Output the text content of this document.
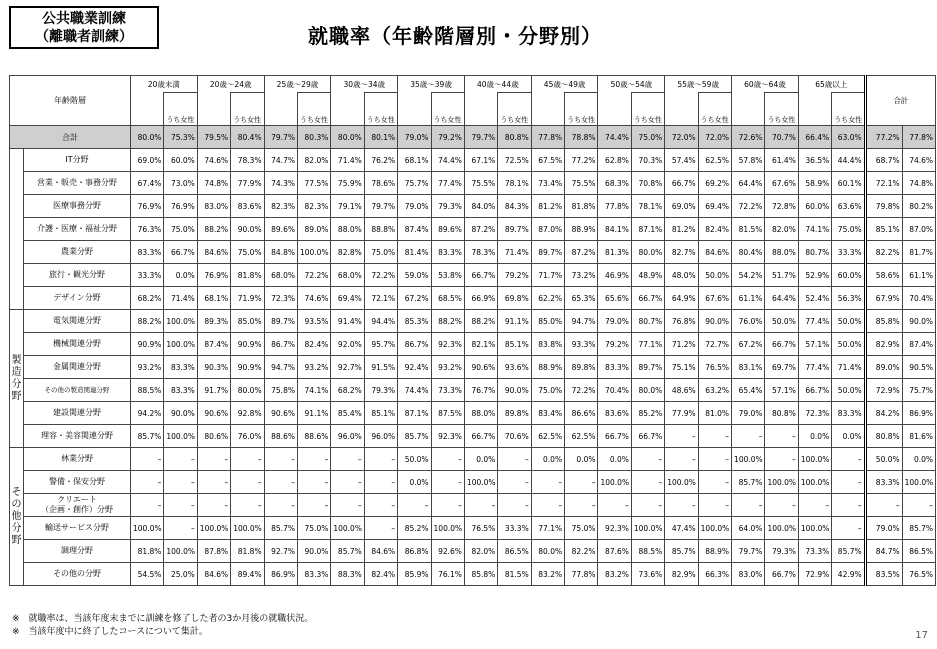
公共職業訓練
（離職者訓練）	就職率（年齢階層別・分野別）
年齢階層		20歳未満		20歳～24歳		25歳～29歳		30歳～34歳		35歳～39歳		40歳～44歳		45歳～49歳		50歳～54歳		55歳～59歳		60歳～64歳		65歳以上		合計	
			うち女性		うち女性		うち女性		うち女性		うち女性		うち女性		うち女性		うち女性		うち女性		うち女性		うち女性		
合計		80.0%	75.3%	79.5%	80.4%	79.7%	80.3%	80.0%	80.1%	79.0%	79.2%	79.7%	80.8%	77.8%	78.8%	74.4%	75.0%	72.0%	72.0%	72.6%	70.7%	66.4%	63.0%	77.2%	77.8%
	IT分野	69.0%	60.0%	74.6%	78.3%	74.7%	82.0%	71.4%	76.2%	68.1%	74.4%	67.1%	72.5%	67.5%	77.2%	62.8%	70.3%	57.4%	62.5%	57.8%	61.4%	36.5%	44.4%	68.7%	74.6%
	営業・販売・事務分野	67.4%	73.0%	74.8%	77.9%	74.3%	77.5%	75.9%	78.6%	75.7%	77.4%	75.5%	78.1%	73.4%	75.5%	68.3%	70.8%	66.7%	69.2%	64.4%	67.6%	58.9%	60.1%	72.1%	74.8%
	医療事務分野	76.9%	76.9%	83.0%	83.6%	82.3%	82.3%	79.1%	79.7%	79.0%	79.3%	84.0%	84.3%	81.2%	81.8%	77.8%	78.1%	69.0%	69.4%	72.2%	72.8%	60.0%	63.6%	79.8%	80.2%
	介護・医療・福祉分野	76.3%	75.0%	88.2%	90.0%	89.6%	89.0%	88.0%	88.8%	87.4%	89.6%	87.2%	89.7%	87.0%	88.9%	84.1%	87.1%	81.2%	82.4%	81.5%	82.0%	74.1%	75.0%	85.1%	87.0%
	農業分野	83.3%	66.7%	84.6%	75.0%	84.8%	100.0%	82.8%	75.0%	81.4%	83.3%	78.3%	71.4%	89.7%	87.2%	81.3%	80.0%	82.7%	84.6%	80.4%	88.0%	80.7%	33.3%	82.2%	81.7%
	旅行・観光分野	33.3%	0.0%	76.9%	81.8%	68.0%	72.2%	68.0%	72.2%	59.0%	53.8%	66.7%	79.2%	71.7%	73.2%	46.9%	48.9%	48.0%	50.0%	54.2%	51.7%	52.9%	60.0%	58.6%	61.1%
	デザイン分野	68.2%	71.4%	68.1%	71.9%	72.3%	74.6%	69.4%	72.1%	67.2%	68.5%	66.9%	69.8%	62.2%	65.3%	65.6%	66.7%	64.9%	67.6%	61.1%	64.4%	52.4%	56.3%	67.9%	70.4%
製
造
分
野	電気関連分野	88.2%	100.0%	89.3%	85.0%	89.7%	93.5%	91.4%	94.4%	85.3%	88.2%	88.2%	91.1%	85.0%	94.7%	79.0%	80.7%	76.8%	90.0%	76.0%	50.0%	77.4%	50.0%	85.8%	90.0%
	機械関連分野	90.9%	100.0%	87.4%	90.9%	86.7%	82.4%	92.0%	95.7%	86.7%	92.3%	82.1%	85.1%	83.8%	93.3%	79.2%	77.1%	71.2%	72.7%	67.2%	66.7%	57.1%	50.0%	82.9%	87.4%
	金属関連分野	93.2%	83.3%	90.3%	90.9%	94.7%	93.2%	92.7%	91.5%	92.4%	93.2%	90.6%	93.6%	88.9%	89.8%	83.3%	89.7%	75.1%	76.5%	83.1%	69.7%	77.4%	71.4%	89.0%	90.5%
	その他の製造関連分野	88.5%	83.3%	91.7%	80.0%	75.8%	74.1%	68.2%	79.3%	74.4%	73.3%	76.7%	90.0%	75.0%	72.2%	70.4%	80.0%	48.6%	63.2%	65.4%	57.1%	66.7%	50.0%	72.9%	75.7%
	建設関連分野	94.2%	90.0%	90.6%	92.8%	90.6%	91.1%	85.4%	85.1%	87.1%	87.5%	88.0%	89.8%	83.4%	86.6%	83.6%	85.2%	77.9%	81.0%	79.0%	80.8%	72.3%	83.3%	84.2%	86.9%
	理容・美容関連分野	85.7%	100.0%	80.6%	76.0%	88.6%	88.6%	96.0%	96.0%	85.7%	92.3%	66.7%	70.6%	62.5%	62.5%	66.7%	66.7%	–	–	–	–	0.0%	0.0%	80.8%	81.6%
そ
の
他
分
野	林業分野	–	–	–	–	–	–	–	–	50.0%	–	0.0%	–	0.0%	0.0%	0.0%	–	–	–	100.0%	–	100.0%	–	50.0%	0.0%
	警備・保安分野	–	–	–	–	–	–	–	–	0.0%	–	100.0%	–	–	–	100.0%	–	100.0%	–	85.7%	100.0%	100.0%	–	83.3%	100.0%
	クリエート
（企画・創作）分野	–	–	–	–	–	–	–	–	–	–	–	–	–	–	–	–	–	–	–	–	–	–	–	–
	輸送サービス分野	100.0%	–	100.0%	100.0%	85.7%	75.0%	100.0%	–	85.2%	100.0%	76.5%	33.3%	77.1%	75.0%	92.3%	100.0%	47.4%	100.0%	64.0%	100.0%	100.0%	–	79.0%	85.7%
	調理分野	81.8%	100.0%	87.8%	81.8%	92.7%	90.0%	85.7%	84.6%	86.8%	92.6%	82.0%	86.5%	80.0%	82.2%	87.6%	88.5%	85.7%	88.9%	79.7%	79.3%	73.3%	85.7%	84.7%	86.5%
	その他の分野	54.5%	25.0%	84.6%	89.4%	86.9%	83.3%	88.3%	82.4%	85.9%	76.1%	85.8%	81.5%	83.2%	77.8%	83.2%	73.6%	82.9%	66.3%	83.0%	66.7%	72.9%	42.9%	83.5%	76.5%
※　就職率は、当該年度末までに訓練を修了した者の3か月後の就職状況。
※　当該年度中に終了したコースについて集計。	17
